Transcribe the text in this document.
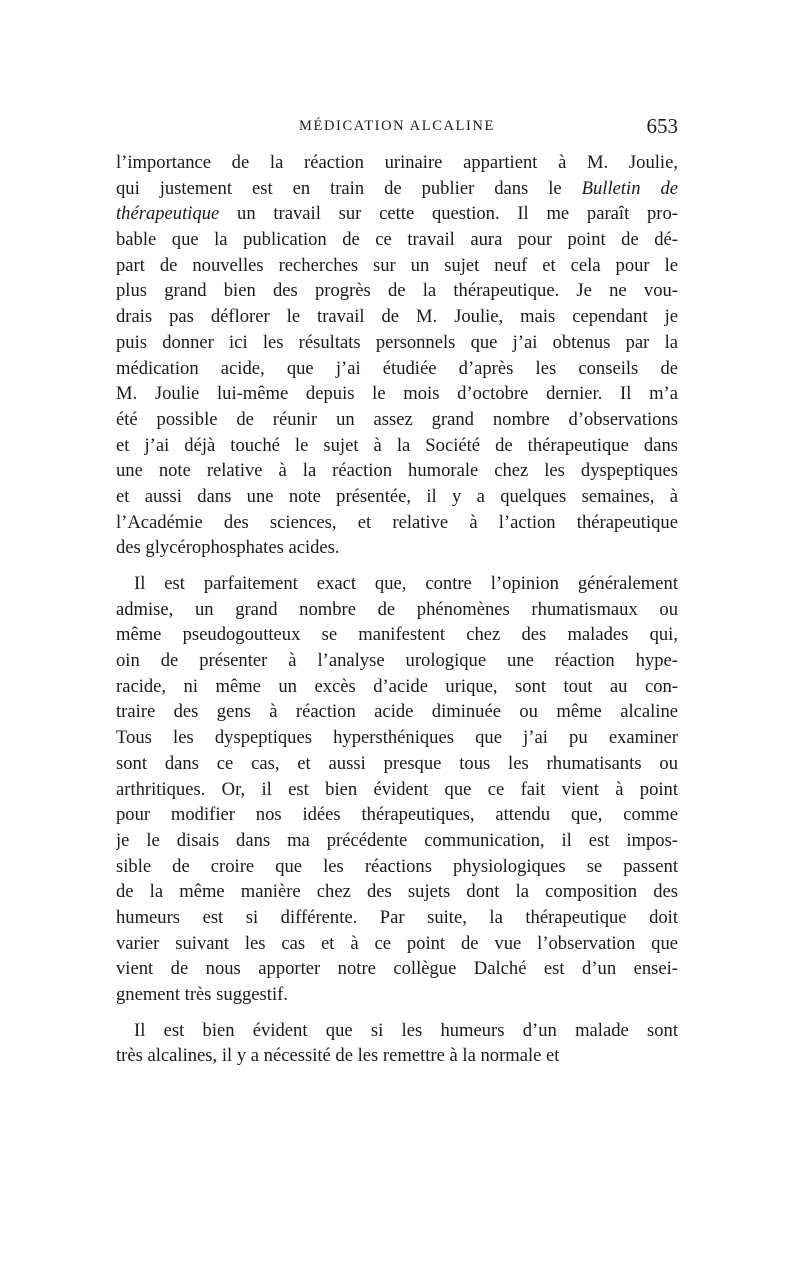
MÉDICATION ALCALINE	653
l’importance de la réaction urinaire appartient à M. Joulie,
qui justement est en train de publier dans le Bulletin de
thérapeutique un travail sur cette question. Il me paraît pro-
bable que la publication de ce travail aura pour point de dé-
part de nouvelles recherches sur un sujet neuf et cela pour le
plus grand bien des progrès de la thérapeutique. Je ne vou-
drais pas déflorer le travail de M. Joulie, mais cependant je
puis donner ici les résultats personnels que j’ai obtenus par la
médication acide, que j’ai étudiée d’après les conseils de
M. Joulie lui-même depuis le mois d’octobre dernier. Il m’a
été possible de réunir un assez grand nombre d’observations
et j’ai déjà touché le sujet à la Société de thérapeutique dans
une note relative à la réaction humorale chez les dyspeptiques
et aussi dans une note présentée, il y a quelques semaines, à
l’Académie des sciences, et relative à l’action thérapeutique
des glycérophosphates acides.
Il est parfaitement exact que, contre l’opinion généralement
admise, un grand nombre de phénomènes rhumatismaux ou
même pseudogoutteux se manifestent chez des malades qui,
oin de présenter à l’analyse urologique une réaction hype-
racide, ni même un excès d’acide urique, sont tout au con-
traire des gens à réaction acide diminuée ou même alcaline
Tous les dyspeptiques hypersthéniques que j’ai pu examiner
sont dans ce cas, et aussi presque tous les rhumatisants ou
arthritiques. Or, il est bien évident que ce fait vient à point
pour modifier nos idées thérapeutiques, attendu que, comme
je le disais dans ma précédente communication, il est impos-
sible de croire que les réactions physiologiques se passent
de la même manière chez des sujets dont la composition des
humeurs est si différente. Par suite, la thérapeutique doit
varier suivant les cas et à ce point de vue l’observation que
vient de nous apporter notre collègue Dalché est d’un ensei-
gnement très suggestif.
Il est bien évident que si les humeurs d’un malade sont
très alcalines, il y a nécessité de les remettre à la normale et
